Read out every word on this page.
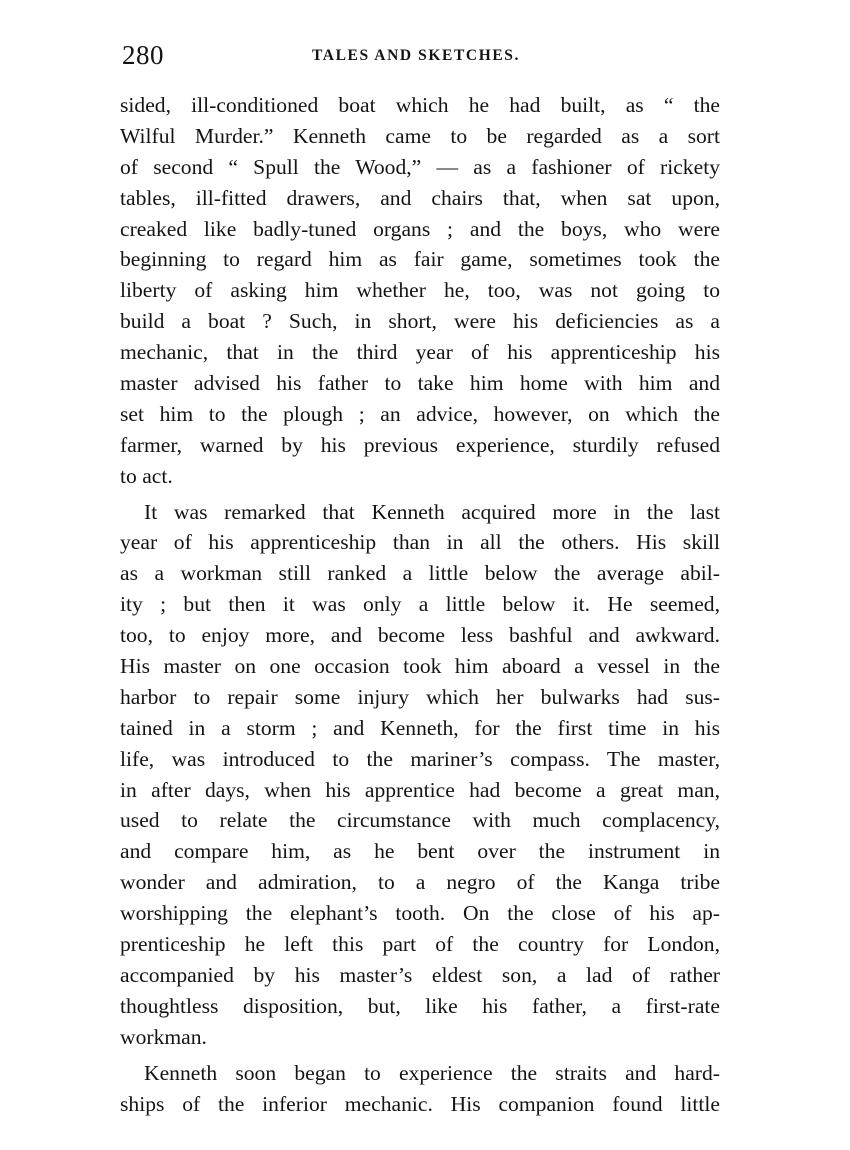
280	TALES AND SKETCHES.
sided, ill-conditioned boat which he had built, as “ the
Wilful Murder.” Kenneth came to be regarded as a sort
of second “ Spull the Wood,” — as a fashioner of rickety
tables, ill-fitted drawers, and chairs that, when sat upon,
creaked like badly-tuned organs ; and the boys, who were
beginning to regard him as fair game, sometimes took the
liberty of asking him whether he, too, was not going to
build a boat ? Such, in short, were his deficiencies as a
mechanic, that in the third year of his apprenticeship his
master advised his father to take him home with him and
set him to the plough ; an advice, however, on which the
farmer, warned by his previous experience, sturdily refused
to act.
It was remarked that Kenneth acquired more in the last
year of his apprenticeship than in all the others. His skill
as a workman still ranked a little below the average abil-
ity ; but then it was only a little below it. He seemed,
too, to enjoy more, and become less bashful and awkward.
His master on one occasion took him aboard a vessel in the
harbor to repair some injury which her bulwarks had sus-
tained in a storm ; and Kenneth, for the first time in his
life, was introduced to the mariner’s compass. The master,
in after days, when his apprentice had become a great man,
used to relate the circumstance with much complacency,
and compare him, as he bent over the instrument in
wonder and admiration, to a negro of the Kanga tribe
worshipping the elephant’s tooth. On the close of his ap-
prenticeship he left this part of the country for London,
accompanied by his master’s eldest son, a lad of rather
thoughtless disposition, but, like his father, a first-rate
workman.
Kenneth soon began to experience the straits and hard-
ships of the inferior mechanic. His companion found little
